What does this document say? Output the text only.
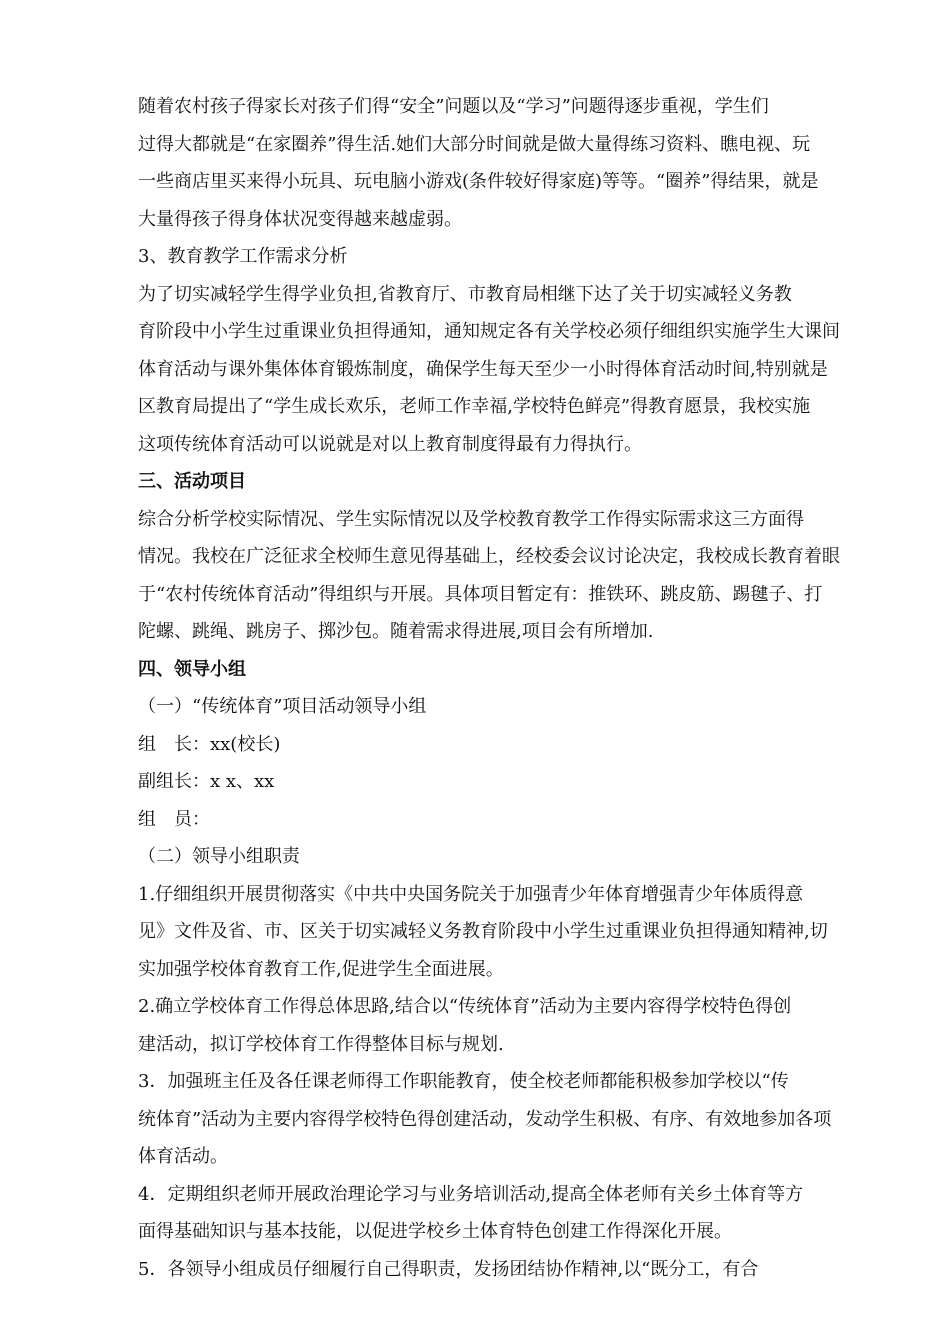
随着农村孩子得家长对孩子们得“安全”问题以及“学习”问题得逐步重视，学生们
过得大都就是“在家圈养”得生活.她们大部分时间就是做大量得练习资料、瞧电视、玩
一些商店里买来得小玩具、玩电脑小游戏(条件较好得家庭)等等。“圈养”得结果，就是
大量得孩子得身体状况变得越来越虚弱。

3、教育教学工作需求分析

为了切实减轻学生得学业负担,省教育厅、市教育局相继下达了关于切实减轻义务教
育阶段中小学生过重课业负担得通知，通知规定各有关学校必须仔细组织实施学生大课间
体育活动与课外集体体育锻炼制度，确保学生每天至少一小时得体育活动时间,特别就是
区教育局提出了“学生成长欢乐，老师工作幸福,学校特色鲜亮”得教育愿景，我校实施
这项传统体育活动可以说就是对以上教育制度得最有力得执行。

三、活动项目

综合分析学校实际情况、学生实际情况以及学校教育教学工作得实际需求这三方面得
情况。我校在广泛征求全校师生意见得基础上，经校委会议讨论决定，我校成长教育着眼
于“农村传统体育活动”得组织与开展。具体项目暂定有：推铁环、跳皮筋、踢毽子、打
陀螺、跳绳、跳房子、掷沙包。随着需求得进展,项目会有所增加.

四、领导小组

（一）“传统体育”项目活动领导小组

组　长：xx(校长)

副组长：x x、xx

组　员：

（二）领导小组职责

1.仔细组织开展贯彻落实《中共中央国务院关于加强青少年体育增强青少年体质得意
见》文件及省、市、区关于切实减轻义务教育阶段中小学生过重课业负担得通知精神,切
实加强学校体育教育工作,促进学生全面进展。

2.确立学校体育工作得总体思路,结合以“传统体育”活动为主要内容得学校特色得创
建活动，拟订学校体育工作得整体目标与规划.

3．加强班主任及各任课老师得工作职能教育，使全校老师都能积极参加学校以“传
统体育”活动为主要内容得学校特色得创建活动，发动学生积极、有序、有效地参加各项
体育活动。

4．定期组织老师开展政治理论学习与业务培训活动,提高全体老师有关乡土体育等方
面得基础知识与基本技能，以促进学校乡土体育特色创建工作得深化开展。

5．各领导小组成员仔细履行自己得职责，发扬团结协作精神,以“既分工，有合
